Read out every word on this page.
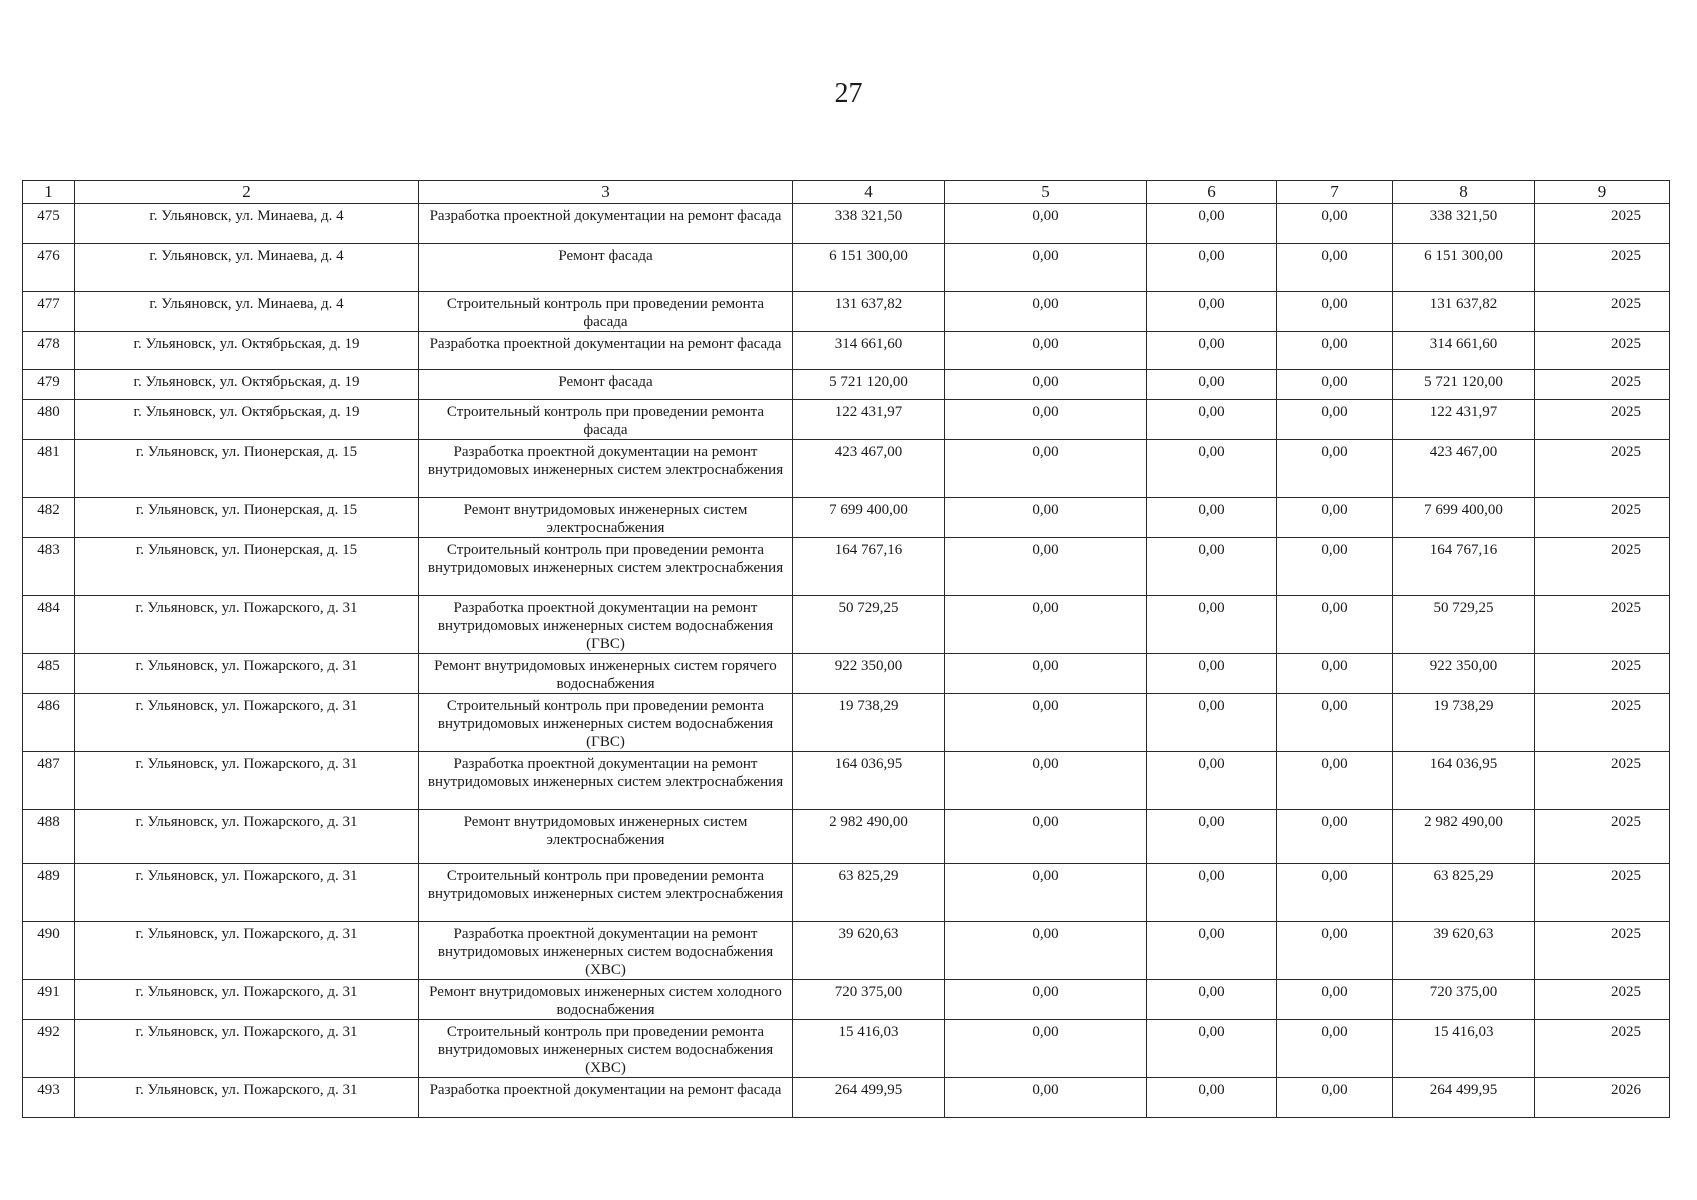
27
1	2	3	4	5	6	7	8	9
475	г. Ульяновск, ул. Минаева, д. 4	Разработка проектной документации на ремонт фасада	338 321,50	0,00	0,00	0,00	338 321,50	2025
476	г. Ульяновск, ул. Минаева, д. 4	Ремонт фасада	6 151 300,00	0,00	0,00	0,00	6 151 300,00	2025
477	г. Ульяновск, ул. Минаева, д. 4	Строительный контроль при проведении ремонта фасада	131 637,82	0,00	0,00	0,00	131 637,82	2025
478	г. Ульяновск, ул. Октябрьская, д. 19	Разработка проектной документации на ремонт фасада	314 661,60	0,00	0,00	0,00	314 661,60	2025
479	г. Ульяновск, ул. Октябрьская, д. 19	Ремонт фасада	5 721 120,00	0,00	0,00	0,00	5 721 120,00	2025
480	г. Ульяновск, ул. Октябрьская, д. 19	Строительный контроль при проведении ремонта фасада	122 431,97	0,00	0,00	0,00	122 431,97	2025
481	г. Ульяновск, ул. Пионерская, д. 15	Разработка проектной документации на ремонт внутридомовых инженерных систем электроснабжения	423 467,00	0,00	0,00	0,00	423 467,00	2025
482	г. Ульяновск, ул. Пионерская, д. 15	Ремонт внутридомовых инженерных систем электроснабжения	7 699 400,00	0,00	0,00	0,00	7 699 400,00	2025
483	г. Ульяновск, ул. Пионерская, д. 15	Строительный контроль при проведении ремонта внутридомовых инженерных систем электроснабжения	164 767,16	0,00	0,00	0,00	164 767,16	2025
484	г. Ульяновск, ул. Пожарского, д. 31	Разработка проектной документации на ремонт внутридомовых инженерных систем водоснабжения (ГВС)	50 729,25	0,00	0,00	0,00	50 729,25	2025
485	г. Ульяновск, ул. Пожарского, д. 31	Ремонт внутридомовых инженерных систем горячего водоснабжения	922 350,00	0,00	0,00	0,00	922 350,00	2025
486	г. Ульяновск, ул. Пожарского, д. 31	Строительный контроль при проведении ремонта внутридомовых инженерных систем водоснабжения (ГВС)	19 738,29	0,00	0,00	0,00	19 738,29	2025
487	г. Ульяновск, ул. Пожарского, д. 31	Разработка проектной документации на ремонт внутридомовых инженерных систем электроснабжения	164 036,95	0,00	0,00	0,00	164 036,95	2025
488	г. Ульяновск, ул. Пожарского, д. 31	Ремонт внутридомовых инженерных систем электроснабжения	2 982 490,00	0,00	0,00	0,00	2 982 490,00	2025
489	г. Ульяновск, ул. Пожарского, д. 31	Строительный контроль при проведении ремонта внутридомовых инженерных систем электроснабжения	63 825,29	0,00	0,00	0,00	63 825,29	2025
490	г. Ульяновск, ул. Пожарского, д. 31	Разработка проектной документации на ремонт внутридомовых инженерных систем водоснабжения (ХВС)	39 620,63	0,00	0,00	0,00	39 620,63	2025
491	г. Ульяновск, ул. Пожарского, д. 31	Ремонт внутридомовых инженерных систем холодного водоснабжения	720 375,00	0,00	0,00	0,00	720 375,00	2025
492	г. Ульяновск, ул. Пожарского, д. 31	Строительный контроль при проведении ремонта внутридомовых инженерных систем водоснабжения (ХВС)	15 416,03	0,00	0,00	0,00	15 416,03	2025
493	г. Ульяновск, ул. Пожарского, д. 31	Разработка проектной документации на ремонт фасада	264 499,95	0,00	0,00	0,00	264 499,95	2026
